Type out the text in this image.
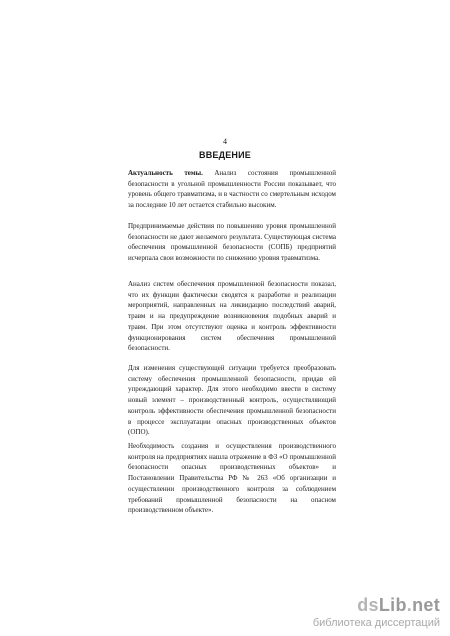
4
ВВЕДЕНИЕ

Актуальность темы. Анализ состояния промышленной безопасности в угольной промышленности России показывает, что уровень общего травматизма, и в частности со смертельным исходом за последние 10 лет остается стабильно высоким.

Предпринимаемые действия по повышению уровня промышленной безопасности не дают желаемого результата. Существующая система обеспечения промышленной безопасности (СОПБ) предприятий исчерпала свои возможности по снижению уровня травматизма.

Анализ систем обеспечения промышленной безопасности показал, что их функции фактически сводятся к разработке и реализации мероприятий, направленных на ликвидацию последствий аварий, травм и на предупреждение возникновения подобных аварий и травм. При этом отсутствуют оценка и контроль эффективности функционирования систем обеспечения промышленной безопасности.

Для изменения существующей ситуации требуется преобразовать систему обеспечения промышленной безопасности, придав ей упреждающий характер. Для этого необходимо ввести в систему новый элемент – производственный контроль, осуществляющий контроль эффективности обеспечения промышленной безопасности в процессе эксплуатации опасных производственных объектов (ОПО).

Необходимость создания и осуществления производственного контроля на предприятиях нашла отражение в ФЗ «О промышленной безопасности опасных производственных объектов» и Постановлении Правительства РФ № 263 «Об организации и осуществлении производственного контроля за соблюдением требований промышленной безопасности на опасном производственном объекте».

dsLib.net
библиотека диссертаций
